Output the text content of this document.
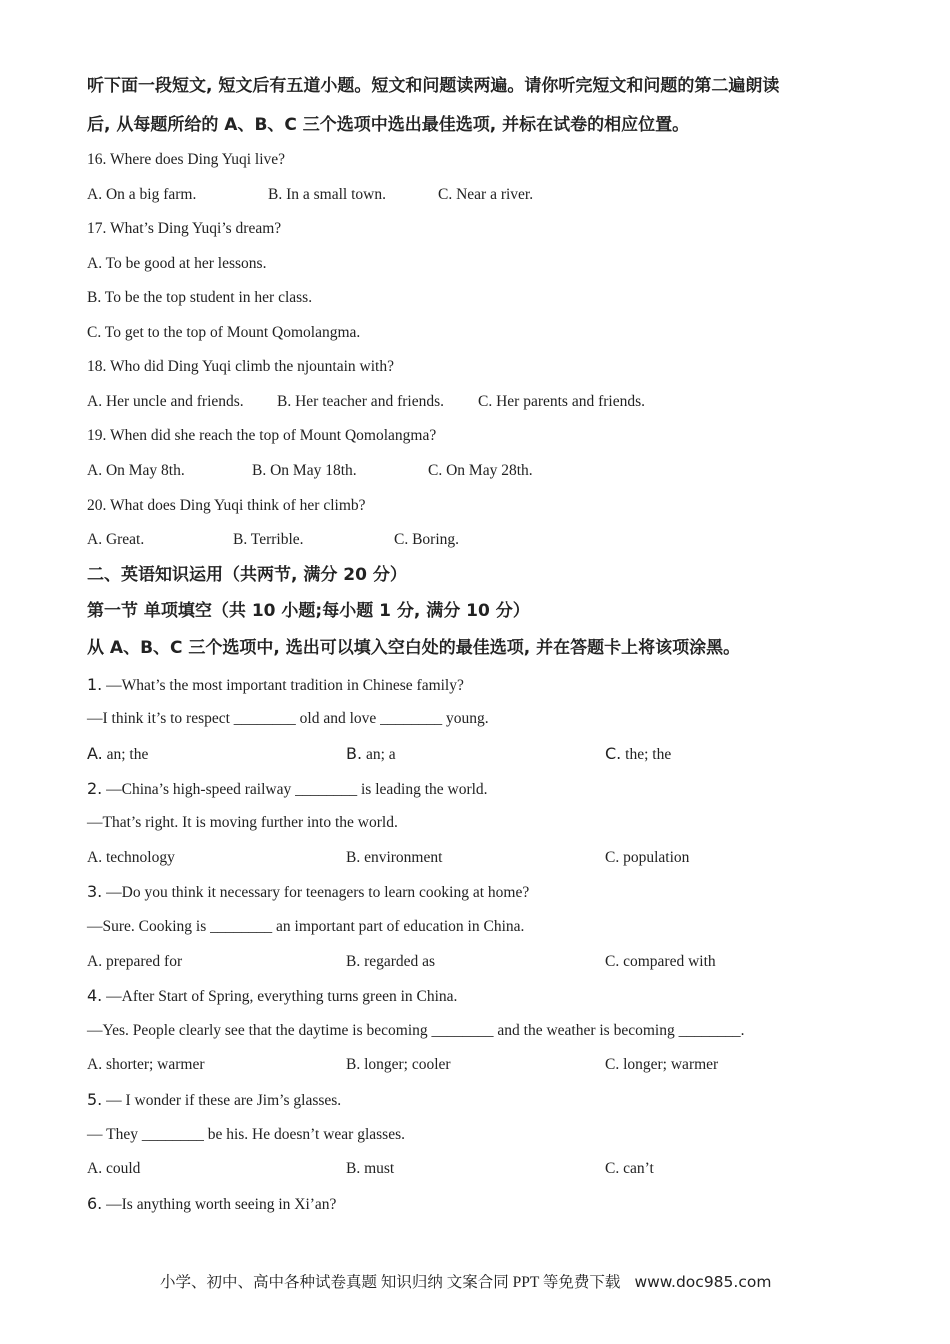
听下面一段短文, 短文后有五道小题。短文和问题读两遍。请你听完短文和问题的第二遍朗读
后, 从每题所给的 A、B、C 三个选项中选出最佳选项, 并标在试卷的相应位置。
16. Where does Ding Yuqi live?
A. On a big farm.	B. In a small town.	C. Near a river.
17. What’s Ding Yuqi’s dream?
A. To be good at her lessons.
B. To be the top student in her class.
C. To get to the top of Mount Qomolangma.
18. Who did Ding Yuqi climb the njountain with?
A. Her uncle and friends. B. Her teacher and friends. C. Her parents and friends.
19. When did she reach the top of Mount Qomolangma?
A. On May 8th.	B. On May 18th.	C. On May 28th.
20. What does Ding Yuqi think of her climb?
A. Great.	B. Terrible.	C. Boring.
二、英语知识运用（共两节, 满分 20 分）
第一节 单项填空（共 10 小题;每小题 1 分, 满分 10 分）
从 A、B、C 三个选项中, 选出可以填入空白处的最佳选项, 并在答题卡上将该项涂黑。
1. —What’s the most important tradition in Chinese family?
—I think it’s to respect ________ old and love ________ young.
A. an; the	B. an; a	C. the; the
2. —China’s high-speed railway ________ is leading the world.
—That’s right. It is moving further into the world.
A. technology	B. environment	C. population
3. —Do you think it necessary for teenagers to learn cooking at home?
—Sure. Cooking is ________ an important part of education in China.
A. prepared for	B. regarded as	C. compared with
4. —After Start of Spring, everything turns green in China.
—Yes. People clearly see that the daytime is becoming ________ and the weather is becoming ________.
A. shorter; warmer	B. longer; cooler	C. longer; warmer
5. — I wonder if these are Jim’s glasses.
— They ________ be his. He doesn’t wear glasses.
A. could	B. must	C. can’t
6. —Is anything worth seeing in Xi’an?
小学、初中、高中各种试卷真题 知识归纳 文案合同 PPT 等免费下载 www.doc985.com
